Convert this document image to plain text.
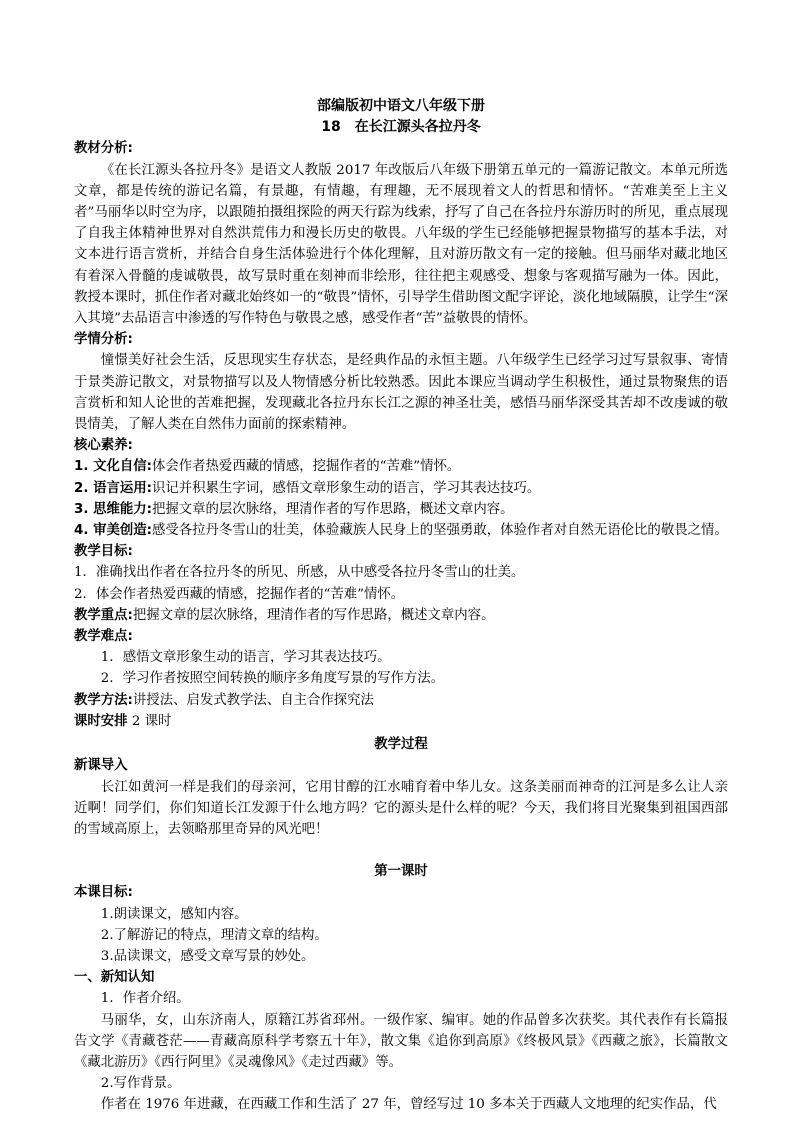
部编版初中语文八年级下册
18　在长江源头各拉丹冬
教材分析:

《在长江源头各拉丹冬》是语文人教版 2017 年改版后八年级下册第五单元的一篇游记散文。本单元所选文章，都是传统的游记名篇，有景趣，有情趣，有理趣，无不展现着文人的哲思和情怀。“苦难美至上主义者”马丽华以时空为序，以跟随拍摄组探险的两天行踪为线索，抒写了自己在各拉丹东游历时的所见，重点展现了自我主体精神世界对自然洪荒伟力和漫长历史的敬畏。八年级的学生已经能够把握景物描写的基本手法，对文本进行语言赏析，并结合自身生活体验进行个体化理解，且对游历散文有一定的接触。但马丽华对藏北地区有着深入骨髓的虔诚敬畏，故写景时重在刻神而非绘形，往往把主观感受、想象与客观描写融为一体。因此，教授本课时，抓住作者对藏北始终如一的“敬畏”情怀，引导学生借助图文配字评论，淡化地域隔膜，让学生“深入其境”去品语言中渗透的写作特色与敬畏之感，感受作者“苦”益敬畏的情怀。

学情分析:

憧憬美好社会生活，反思现实生存状态，是经典作品的永恒主题。八年级学生已经学习过写景叙事、寄情于景类游记散文，对景物描写以及人物情感分析比较熟悉。因此本课应当调动学生积极性，通过景物聚焦的语言赏析和知人论世的苦难把握，发现藏北各拉丹东长江之源的神圣壮美，感悟马丽华深受其苦却不改虔诚的敬畏情美，了解人类在自然伟力面前的探索精神。

核心素养:

1. 文化自信:体会作者热爱西藏的情感，挖掘作者的“苦难”情怀。

2. 语言运用:识记并积累生字词，感悟文章形象生动的语言，学习其表达技巧。

3. 思维能力:把握文章的层次脉络，理清作者的写作思路，概述文章内容。

4. 审美创造:感受各拉丹冬雪山的壮美，体验藏族人民身上的坚强勇敢，体验作者对自然无语伦比的敬畏之情。

教学目标:

1．准确找出作者在各拉丹冬的所见、所感，从中感受各拉丹冬雪山的壮美。

2．体会作者热爱西藏的情感，挖掘作者的“苦难”情怀。

教学重点:把握文章的层次脉络，理清作者的写作思路，概述文章内容。

教学难点:

1．感悟文章形象生动的语言，学习其表达技巧。

2．学习作者按照空间转换的顺序多角度写景的写作方法。

教学方法:讲授法、启发式教学法、自主合作探究法

课时安排 2 课时

教学过程
新课导入

长江如黄河一样是我们的母亲河，它用甘醇的江水哺育着中华儿女。这条美丽而神奇的江河是多么让人亲近啊！同学们，你们知道长江发源于什么地方吗？它的源头是什么样的呢？今天，我们将目光聚集到祖国西部的雪域高原上，去领略那里奇异的风光吧！

第一课时
本课目标:

1.朗读课文，感知内容。

2.了解游记的特点，理清文章的结构。

3.品读课文，感受文章写景的妙处。

一、新知认知

1．作者介绍。

马丽华，女，山东济南人，原籍江苏省邳州。一级作家、编审。她的作品曾多次获奖。其代表作有长篇报告文学《青藏苍茫——青藏高原科学考察五十年》，散文集《追你到高原》《终极风景》《西藏之旅》，长篇散文《藏北游历》《西行阿里》《灵魂像风》《走过西藏》等。

2.写作背景。

作者在 1976 年进藏，在西藏工作和生活了 27 年，曾经写过 10 多本关于西藏人文地理的纪实作品，代
